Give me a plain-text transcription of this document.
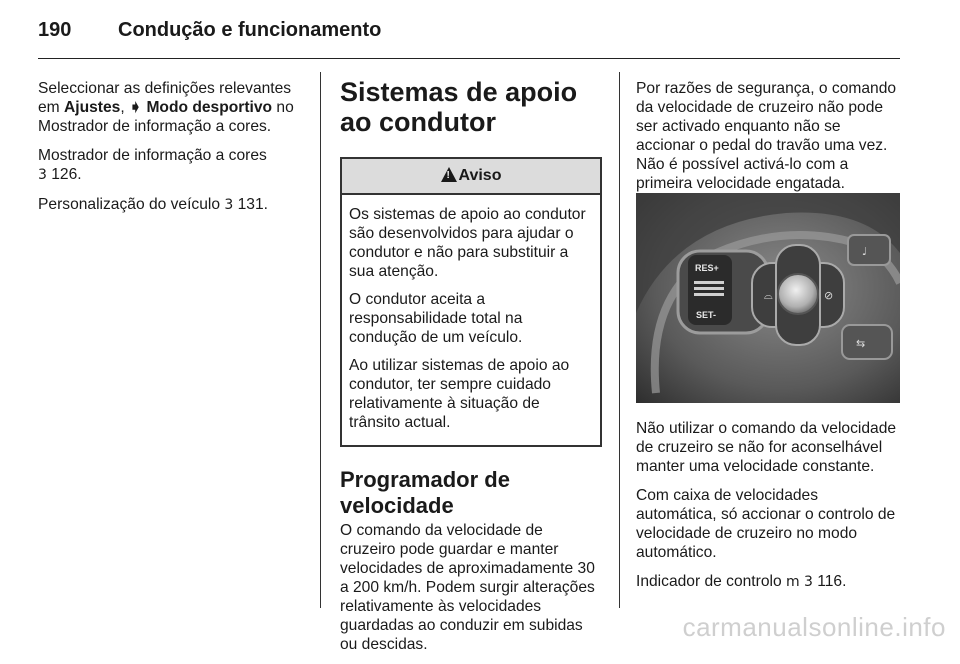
190 Condução e funcionamento

Seleccionar as definições relevantes em Ajustes, ➧ Modo desportivo no Mostrador de informação a cores.

Mostrador de informação a cores
3 126.

Personalização do veículo 3 131.

Sistemas de apoio ao condutor
!Aviso

Os sistemas de apoio ao condutor são desenvolvidos para ajudar o condutor e não para substituir a sua atenção.

O condutor aceita a responsabilidade total na condução de um veículo.

Ao utilizar sistemas de apoio ao condutor, ter sempre cuidado relativamente à situação de trânsito actual.

Programador de velocidade

O comando da velocidade de cruzeiro pode guardar e manter velocidades de aproximadamente 30 a 200 km/h. Podem surgir alterações relativamente às velocidades guardadas ao conduzir em subidas ou descidas.

Por razões de segurança, o comando da velocidade de cruzeiro não pode ser activado enquanto não se accionar o pedal do travão uma vez. Não é possível activá-lo com a primeira velocidade engatada.

RES+
SET-
⌓	⊘
♩
⇆

Não utilizar o comando da velocidade de cruzeiro se não for aconselhável manter uma velocidade constante.

Com caixa de velocidades automática, só accionar o controlo de velocidade de cruzeiro no modo automático.

Indicador de controlo m 3 116.

carmanualsonline.info
